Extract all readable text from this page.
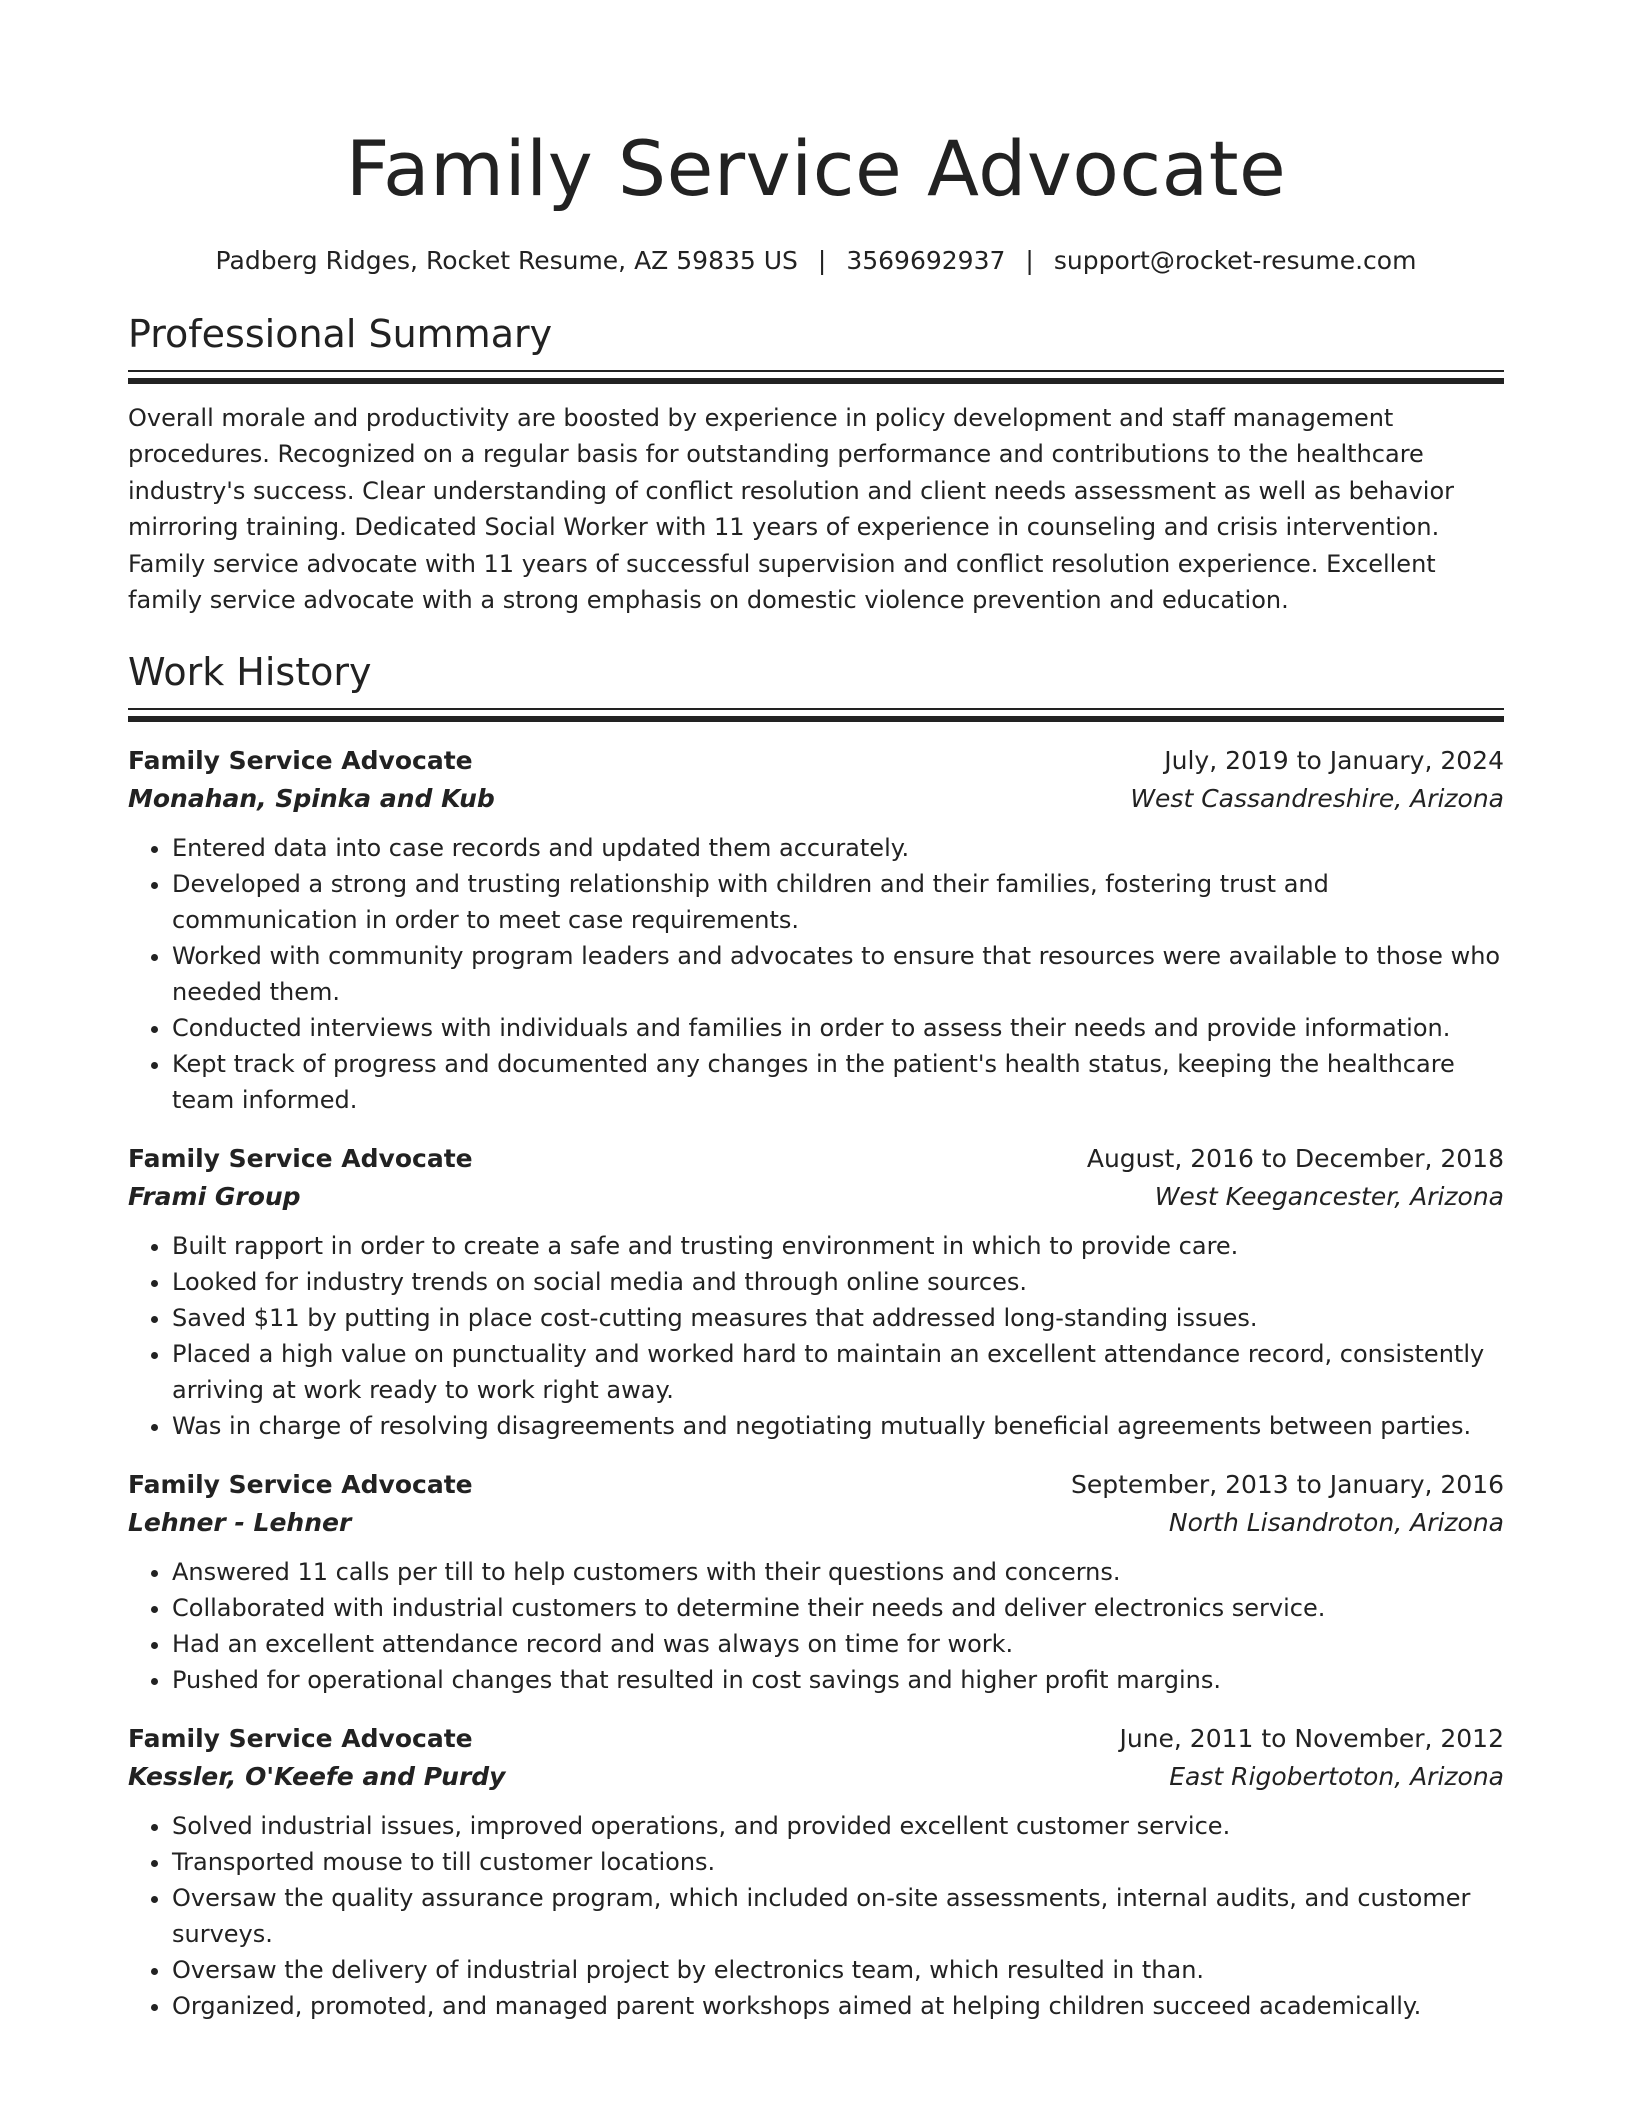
Family Service Advocate
Padberg Ridges, Rocket Resume, AZ 59835 US | 3569692937 | support@rocket-resume.com
Professional Summary

Overall morale and productivity are boosted by experience in policy development and staff management procedures. Recognized on a regular basis for outstanding performance and contributions to the healthcare industry's success. Clear understanding of conflict resolution and client needs assessment as well as behavior mirroring training. Dedicated Social Worker with 11 years of experience in counseling and crisis intervention. Family service advocate with 11 years of successful supervision and conflict resolution experience. Excellent family service advocate with a strong emphasis on domestic violence prevention and education.

Work History
Family Service Advocate	July, 2019 to January, 2024
Monahan, Spinka and Kub	West Cassandreshire, Arizona
• Entered data into case records and updated them accurately.
• Developed a strong and trusting relationship with children and their families, fostering trust and communication in order to meet case requirements.
• Worked with community program leaders and advocates to ensure that resources were available to those who needed them.
• Conducted interviews with individuals and families in order to assess their needs and provide information.
• Kept track of progress and documented any changes in the patient's health status, keeping the healthcare team informed.
Family Service Advocate	August, 2016 to December, 2018
Frami Group	West Keegancester, Arizona
• Built rapport in order to create a safe and trusting environment in which to provide care.
• Looked for industry trends on social media and through online sources.
• Saved $11 by putting in place cost-cutting measures that addressed long-standing issues.
• Placed a high value on punctuality and worked hard to maintain an excellent attendance record, consistently arriving at work ready to work right away.
• Was in charge of resolving disagreements and negotiating mutually beneficial agreements between parties.
Family Service Advocate	September, 2013 to January, 2016
Lehner - Lehner	North Lisandroton, Arizona
• Answered 11 calls per till to help customers with their questions and concerns.
• Collaborated with industrial customers to determine their needs and deliver electronics service.
• Had an excellent attendance record and was always on time for work.
• Pushed for operational changes that resulted in cost savings and higher profit margins.
Family Service Advocate	June, 2011 to November, 2012
Kessler, O'Keefe and Purdy	East Rigobertoton, Arizona
• Solved industrial issues, improved operations, and provided excellent customer service.
• Transported mouse to till customer locations.
• Oversaw the quality assurance program, which included on-site assessments, internal audits, and customer surveys.
• Oversaw the delivery of industrial project by electronics team, which resulted in than.
• Organized, promoted, and managed parent workshops aimed at helping children succeed academically.
